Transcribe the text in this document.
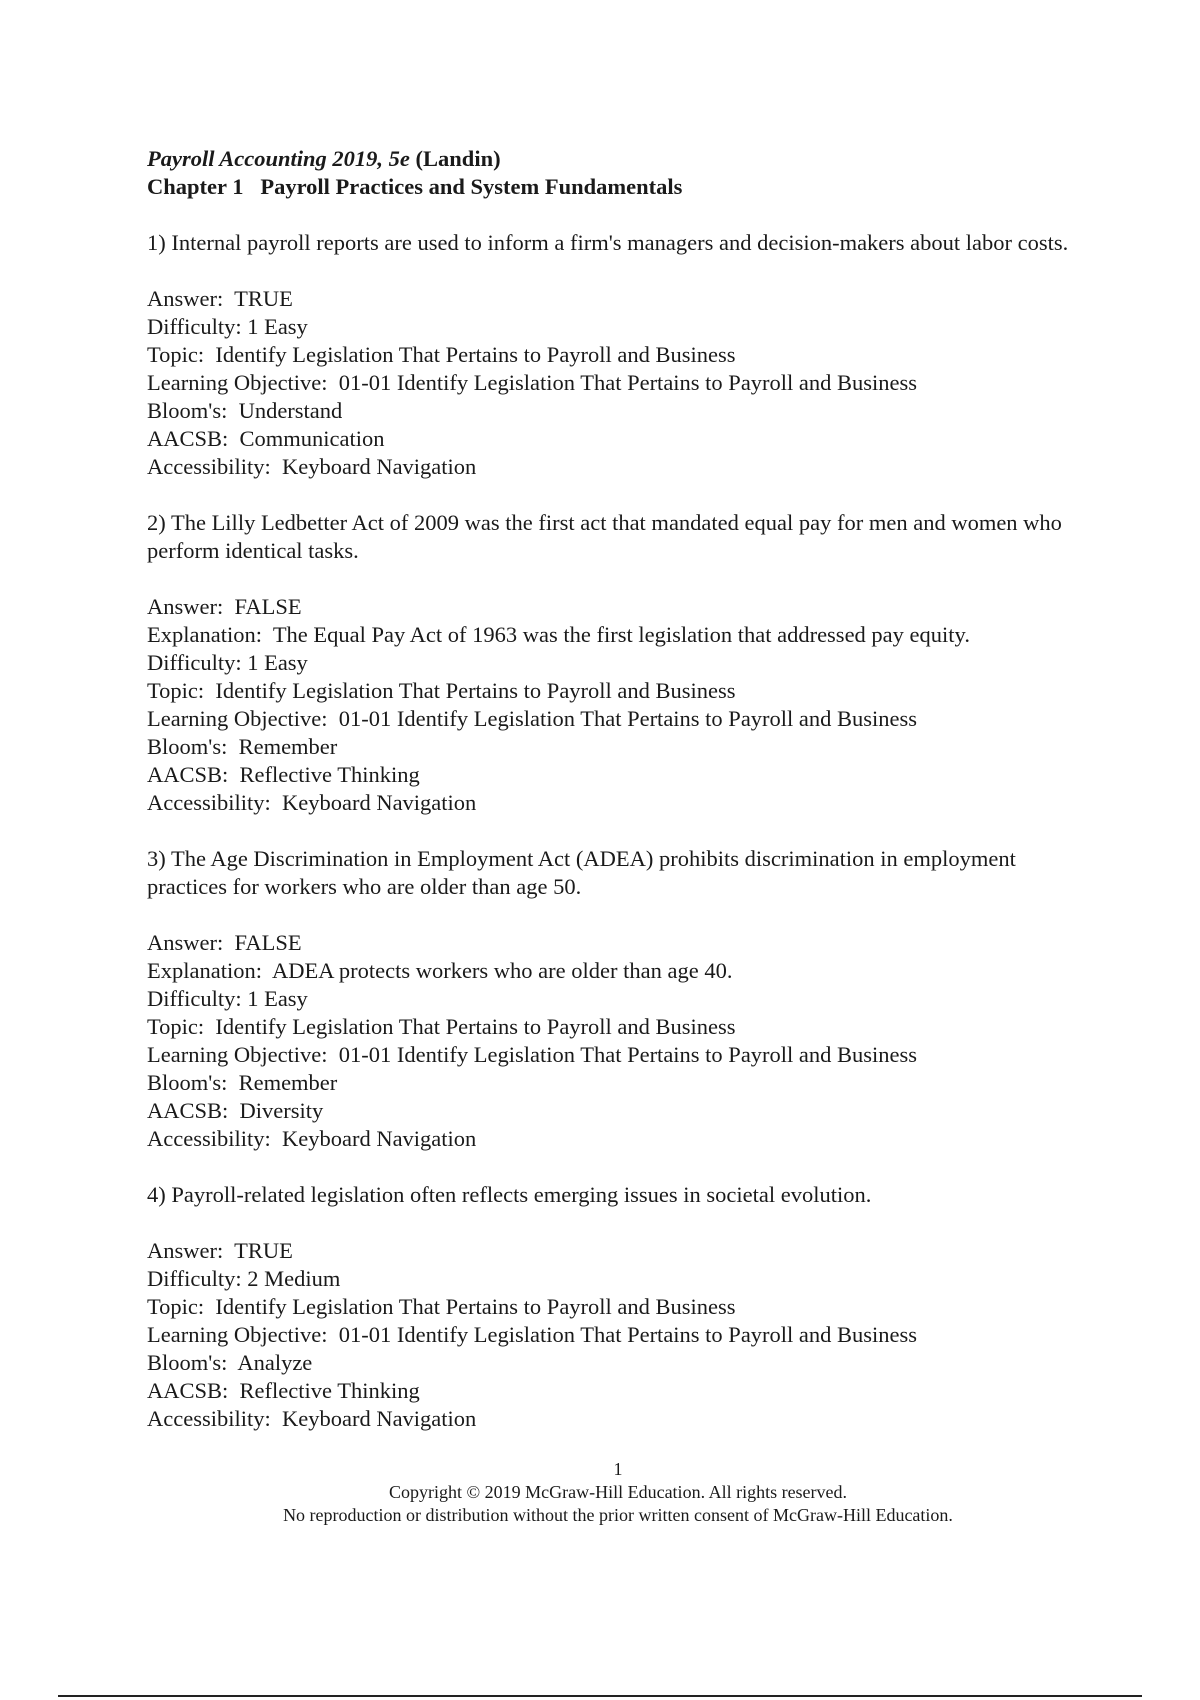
Payroll Accounting 2019, 5e (Landin)

Chapter 1   Payroll Practices and System Fundamentals

1) Internal payroll reports are used to inform a firm's managers and decision-makers about labor costs.

Answer:  TRUE

Difficulty: 1 Easy

Topic:  Identify Legislation That Pertains to Payroll and Business

Learning Objective:  01-01 Identify Legislation That Pertains to Payroll and Business

Bloom's:  Understand

AACSB:  Communication

Accessibility:  Keyboard Navigation

2) The Lilly Ledbetter Act of 2009 was the first act that mandated equal pay for men and women who perform identical tasks.

Answer:  FALSE

Explanation:  The Equal Pay Act of 1963 was the first legislation that addressed pay equity.

Difficulty: 1 Easy

Topic:  Identify Legislation That Pertains to Payroll and Business

Learning Objective:  01-01 Identify Legislation That Pertains to Payroll and Business

Bloom's:  Remember

AACSB:  Reflective Thinking

Accessibility:  Keyboard Navigation

3) The Age Discrimination in Employment Act (ADEA) prohibits discrimination in employment practices for workers who are older than age 50.

Answer:  FALSE

Explanation:  ADEA protects workers who are older than age 40.

Difficulty: 1 Easy

Topic:  Identify Legislation That Pertains to Payroll and Business

Learning Objective:  01-01 Identify Legislation That Pertains to Payroll and Business

Bloom's:  Remember

AACSB:  Diversity

Accessibility:  Keyboard Navigation

4) Payroll-related legislation often reflects emerging issues in societal evolution.

Answer:  TRUE

Difficulty: 2 Medium

Topic:  Identify Legislation That Pertains to Payroll and Business

Learning Objective:  01-01 Identify Legislation That Pertains to Payroll and Business

Bloom's:  Analyze

AACSB:  Reflective Thinking

Accessibility:  Keyboard Navigation

1

Copyright © 2019 McGraw-Hill Education. All rights reserved.

No reproduction or distribution without the prior written consent of McGraw-Hill Education.
